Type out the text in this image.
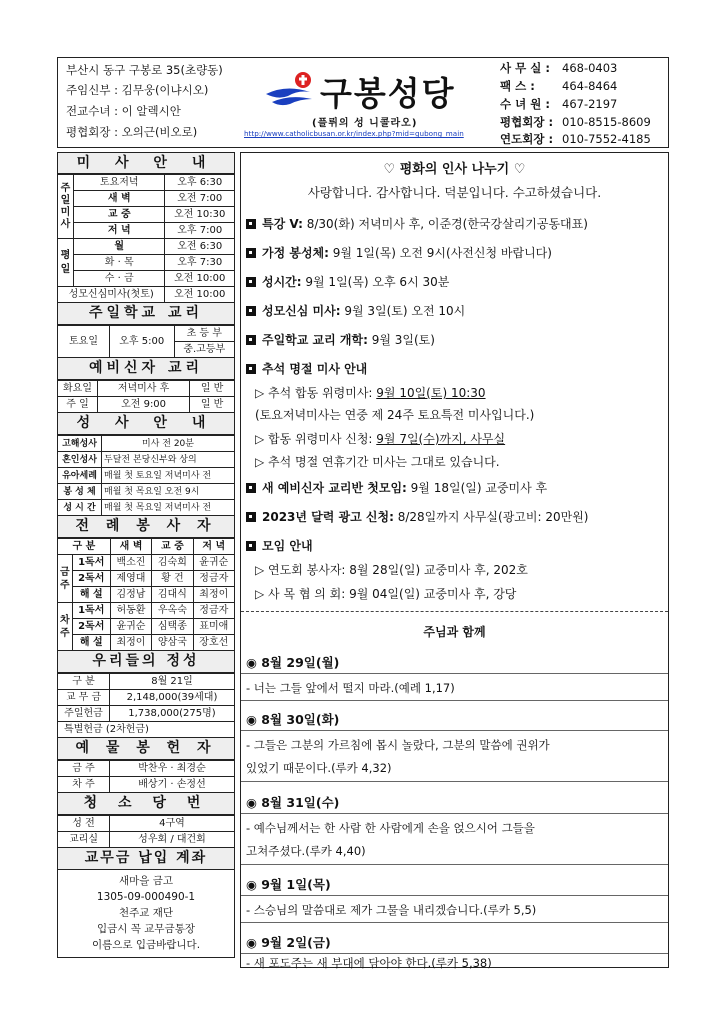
부산시 동구 구봉로 35(초량동)
주임신부 : 김무웅(이냐시오)
전교수녀 : 이 알렉시안
평협회장 : 오의근(비오로)
구봉성당
(플뤼의 성 니콜라오)
http://www.catholicbusan.or.kr/index.php?mid=gubong_main
사 무 실 : 468-0403
팩 스 : 464-8464
수 녀 원 : 467-2197
평협회장 : 010-8515-8609
연도회장 : 010-7552-4185
미 사 안 내
주
일
미
사	토요저녁	오후 6:30
	새 벽	오전 7:00
	교 중	오전 10:30
	저 녁	오후 7:00
평
일	월	오전 6:30
	화 · 목	오후 7:30
	수 · 금	오전 10:00
성모신심미사(첫토)		오전 10:00
주일학교 교리
토요일	오후 5:00	초 등 부
중.고등부
예비신자 교리
화요일	저녁미사 후	일 반
주 일	오전 9:00	일 반
성 사 안 내
고해성사	미사 전 20분
혼인성사	두달전 본당신부와 상의
유아세례	매월 첫 토요일 저녁미사 전
봉 성 체	매월 첫 목요일 오전 9시
성 시 간	매월 첫 목요일 저녁미사 전
전 례 봉 사 자
구 분		새 벽	교 중	저 녁
금주	1독서	백소진	김숙희	윤귀순
	2독서	제영대	황 건	정금자
	해 설	김정남	김대식	최정이
차주	1독서	허동환	우옥숙	정금자
	2독서	윤귀순	심택종	표미애
	해 설	최정이	양삼국	장호선
우리들의 정성
구 분	8월 21일
교 무 금	2,148,000(39세대)
주일헌금	1,738,000(275명)
특별헌금 (2차헌금)	
예 물 봉 헌 자
금 주	박찬우 · 최경순
차 주	배상기 · 손정선
청 소 당 번
성 전	4구역
교리실	성우회 / 대건회
교무금 납입 계좌
새마을 금고
1305-09-000490-1
천주교 재단
입금시 꼭 교무금통장
이름으로 입금바랍니다.
♡ 평화의 인사 나누기 ♡
사랑합니다. 감사합니다. 덕분입니다. 수고하셨습니다.
특강 V: 8/30(화) 저녁미사 후, 이준경(한국강살리기공동대표)
가정 봉성체: 9월 1일(목) 오전 9시(사전신청 바랍니다)
성시간: 9월 1일(목) 오후 6시 30분
성모신심 미사: 9월 3일(토) 오전 10시
주일학교 교리 개학: 9월 3일(토)
추석 명절 미사 안내
▷ 추석 합동 위령미사: 9월 10일(토) 10:30
(토요저녁미사는 연중 제 24주 토요특전 미사입니다.)
▷ 합동 위령미사 신청: 9월 7일(수)까지, 사무실
▷ 추석 명절 연휴기간 미사는 그대로 있습니다.
새 예비신자 교리반 첫모임: 9월 18일(일) 교중미사 후
2023년 달력 광고 신청: 8/28일까지 사무실(광고비: 20만원)
모임 안내
▷ 연도회 봉사자: 8월 28일(일) 교중미사 후, 202호
▷ 사 목 협 의 회: 9월 04일(일) 교중미사 후, 강당
주님과 함께
◉ 8월 29일(월)
- 너는 그들 앞에서 떨지 마라.(예레 1,17)
◉ 8월 30일(화)
- 그들은 그분의 가르침에 몹시 놀랐다, 그분의 말씀에 권위가
있었기 때문이다.(루카 4,32)
◉ 8월 31일(수)
- 예수님께서는 한 사람 한 사람에게 손을 얹으시어 그들을
고쳐주셨다.(루카 4,40)
◉ 9월 1일(목)
- 스승님의 말씀대로 제가 그물을 내리겠습니다.(루카 5,5)
◉ 9월 2일(금)
- 새 포도주는 새 부대에 담아야 한다.(루카 5,38)
